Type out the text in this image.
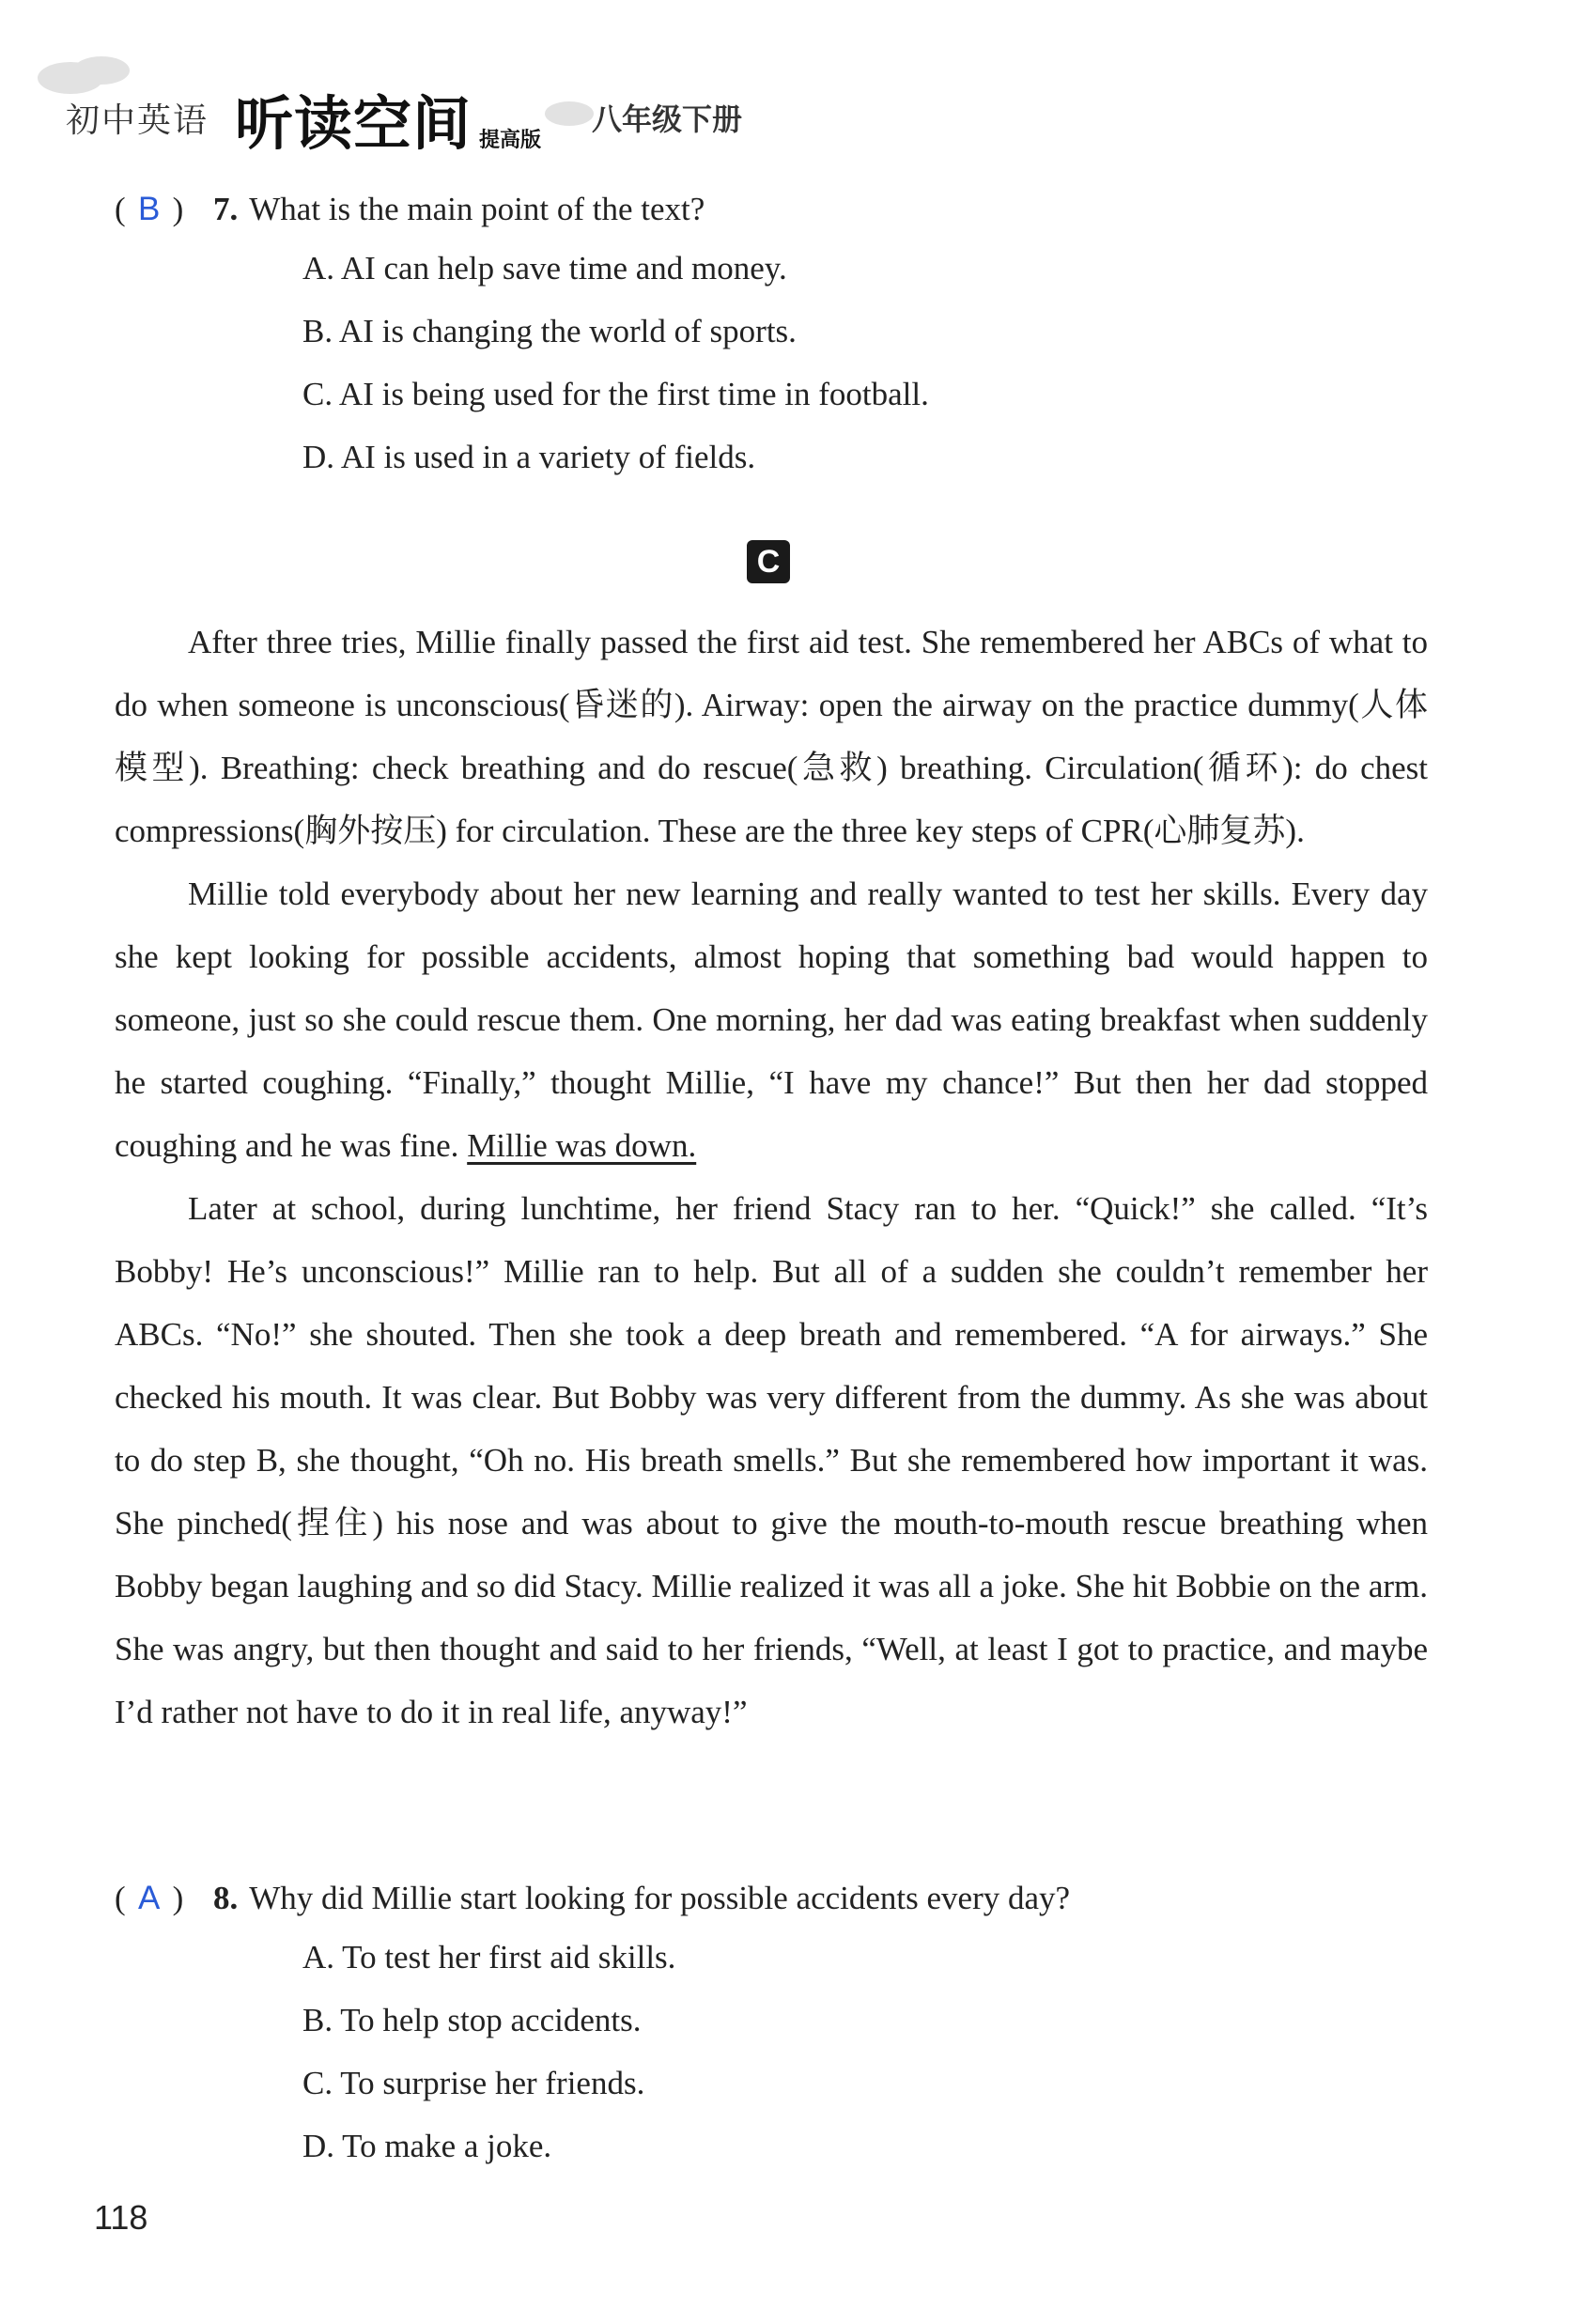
初中英语 听读空间 提高版
八年级下册
( B ) 7. What is the main point of the text?
A. AI can help save time and money.
B. AI is changing the world of sports.
C. AI is being used for the first time in football.
D. AI is used in a variety of fields.
C

After three tries, Millie finally passed the first aid test. She remembered her ABCs of what to do when someone is unconscious(昏迷的). Airway: open the airway on the practice dummy(人体模型). Breathing: check breathing and do rescue(急救) breathing. Circulation(循环): do chest compressions(胸外按压) for circulation. These are the three key steps of CPR(心肺复苏).

Millie told everybody about her new learning and really wanted to test her skills. Every day she kept looking for possible accidents, almost hoping that something bad would happen to someone, just so she could rescue them. One morning, her dad was eating breakfast when suddenly he started coughing. “Finally,” thought Millie, “I have my chance!” But then her dad stopped coughing and he was fine. Millie was down.

Later at school, during lunchtime, her friend Stacy ran to her. “Quick!” she called. “It’s Bobby! He’s unconscious!” Millie ran to help. But all of a sudden she couldn’t remember her ABCs. “No!” she shouted. Then she took a deep breath and remembered. “A for airways.” She checked his mouth. It was clear. But Bobby was very different from the dummy. As she was about to do step B, she thought, “Oh no. His breath smells.” But she remembered how important it was. She pinched(捏住) his nose and was about to give the mouth-to-mouth rescue breathing when Bobby began laughing and so did Stacy. Millie realized it was all a joke. She hit Bobbie on the arm. She was angry, but then thought and said to her friends, “Well, at least I got to practice, and maybe I’d rather not have to do it in real life, anyway!”

( A ) 8. Why did Millie start looking for possible accidents every day?
A. To test her first aid skills.
B. To help stop accidents.
C. To surprise her friends.
D. To make a joke.
118
